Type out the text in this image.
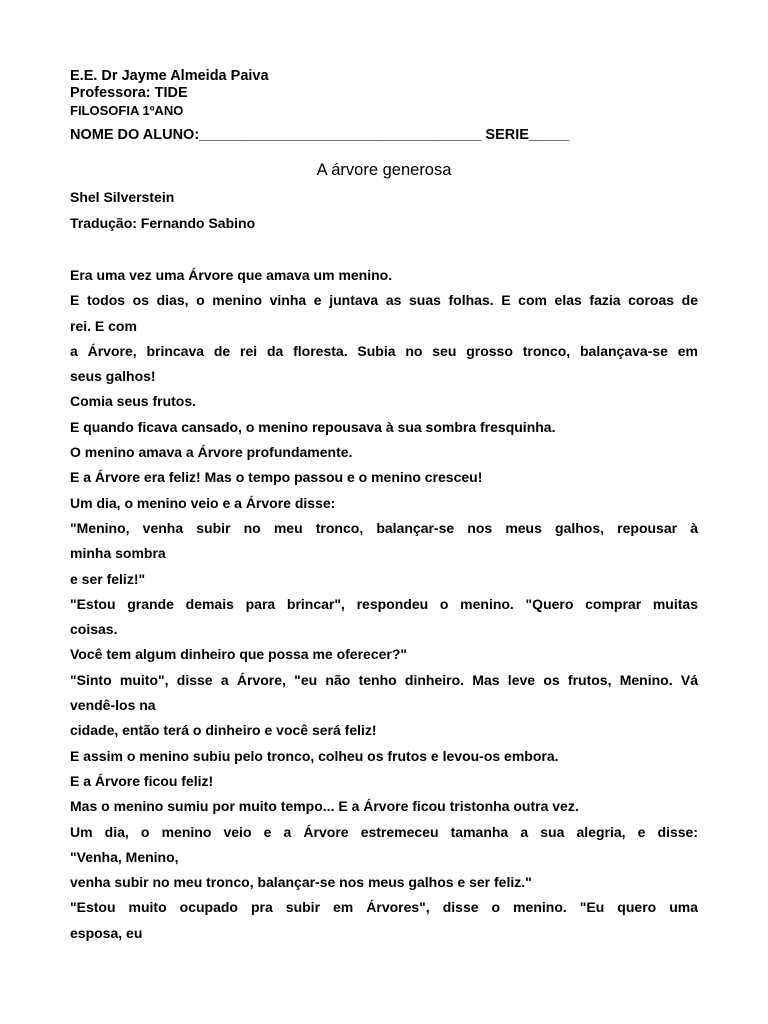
E.E. Dr Jayme Almeida Paiva
Professora: TIDE
FILOSOFIA 1ºANO
NOME DO ALUNO:___________________________________ SERIE_____
A árvore generosa
Shel Silverstein
Tradução: Fernando Sabino
Era uma vez uma Árvore que amava um menino.
E todos os dias, o menino vinha e juntava as suas folhas. E com elas fazia coroas de
rei. E com
a Árvore, brincava de rei da floresta. Subia no seu grosso tronco, balançava-se em
seus galhos!
Comia seus frutos.
E quando ficava cansado, o menino repousava à sua sombra fresquinha.
O menino amava a Árvore profundamente.
E a Árvore era feliz! Mas o tempo passou e o menino cresceu!
Um dia, o menino veio e a Árvore disse:
"Menino, venha subir no meu tronco, balançar-se nos meus galhos, repousar à
minha sombra
e ser feliz!"
"Estou grande demais para brincar", respondeu o menino. "Quero comprar muitas
coisas.
Você tem algum dinheiro que possa me oferecer?"
"Sinto muito", disse a Árvore, "eu não tenho dinheiro. Mas leve os frutos, Menino. Vá
vendê-los na
cidade, então terá o dinheiro e você será feliz!
E assim o menino subiu pelo tronco, colheu os frutos e levou-os embora.
E a Árvore ficou feliz!
Mas o menino sumiu por muito tempo... E a Árvore ficou tristonha outra vez.
Um dia, o menino veio e a Árvore estremeceu tamanha a sua alegria, e disse:
"Venha, Menino,
venha subir no meu tronco, balançar-se nos meus galhos e ser feliz."
"Estou muito ocupado pra subir em Árvores", disse o menino. "Eu quero uma
esposa, eu
